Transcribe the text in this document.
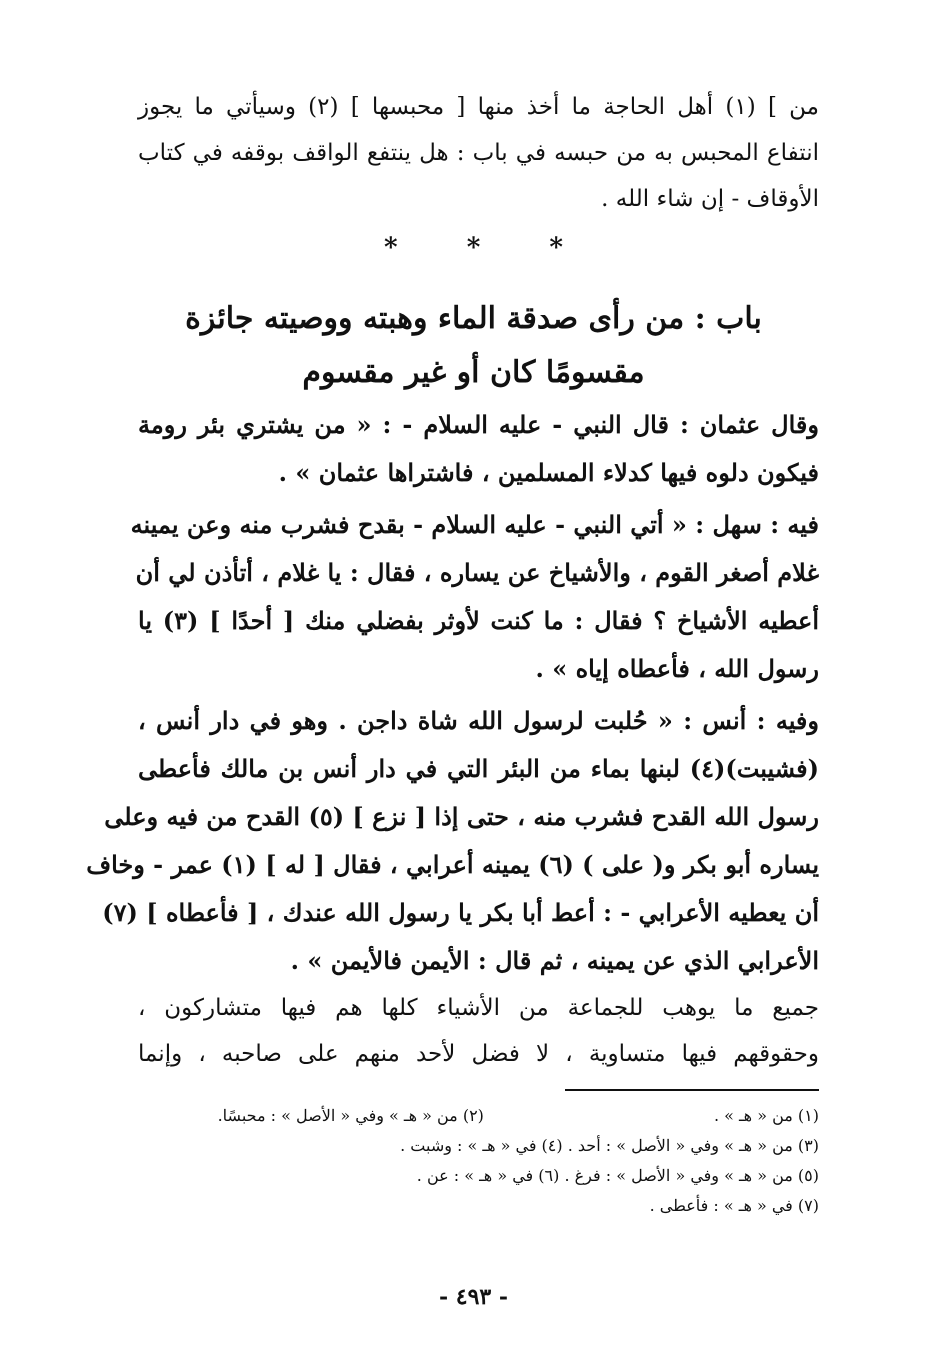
من ] (١) أهل الحاجة ما أخذ منها [ محبسها ] (٢) وسيأتي ما يجوز
انتفاع المحبس به من حبسه في باب : هل ينتفع الواقف بوقفه في كتاب
الأوقاف - إن شاء الله .
* * *
باب : من رأى صدقة الماء وهبته ووصيته جائزة
مقسومًا كان أو غير مقسوم
وقال عثمان : قال النبي - عليه السلام - : « من يشتري بئر رومة
فيكون دلوه فيها كدلاء المسلمين ، فاشتراها عثمان » .
فيه : سهل : « أتي النبي - عليه السلام - بقدح فشرب منه وعن يمينه
غلام أصغر القوم ، والأشياخ عن يساره ، فقال : يا غلام ، أتأذن لي أن
أعطيه الأشياخ ؟ فقال : ما كنت لأوثر بفضلي منك [ أحدًا ] (٣) يا
رسول الله ، فأعطاه إياه » .
وفيه : أنس : « حُلبت لرسول الله شاة داجن . وهو في دار أنس ،
(فشيبت)(٤) لبنها بماء من البئر التي في دار أنس بن مالك فأعطى
رسول الله القدح فشرب منه ، حتى إذا [ نزع ] (٥) القدح من فيه وعلى
يساره أبو بكر و( على ) (٦) يمينه أعرابي ، فقال [ له ] (١) عمر - وخاف
أن يعطيه الأعرابي - : أعط أبا بكر يا رسول الله عندك ، [ فأعطاه ] (٧)
الأعرابي الذي عن يمينه ، ثم قال : الأيمن فالأيمن » .
جميع ما يوهب للجماعة من الأشياء كلها هم فيها متشاركون ،
وحقوقهم فيها متساوية ، لا فضل لأحد منهم على صاحبه ، وإنما
(١) من « هـ » . (٢) من « هـ » وفي « الأصل » : محبسًا.
(٣) من « هـ » وفي « الأصل » : أحد . (٤) في « هـ » : وشبت .
(٥) من « هـ » وفي « الأصل » : فرغ . (٦) في « هـ » : عن .
(٧) في « هـ » : فأعطى .
- ٤٩٣ -
